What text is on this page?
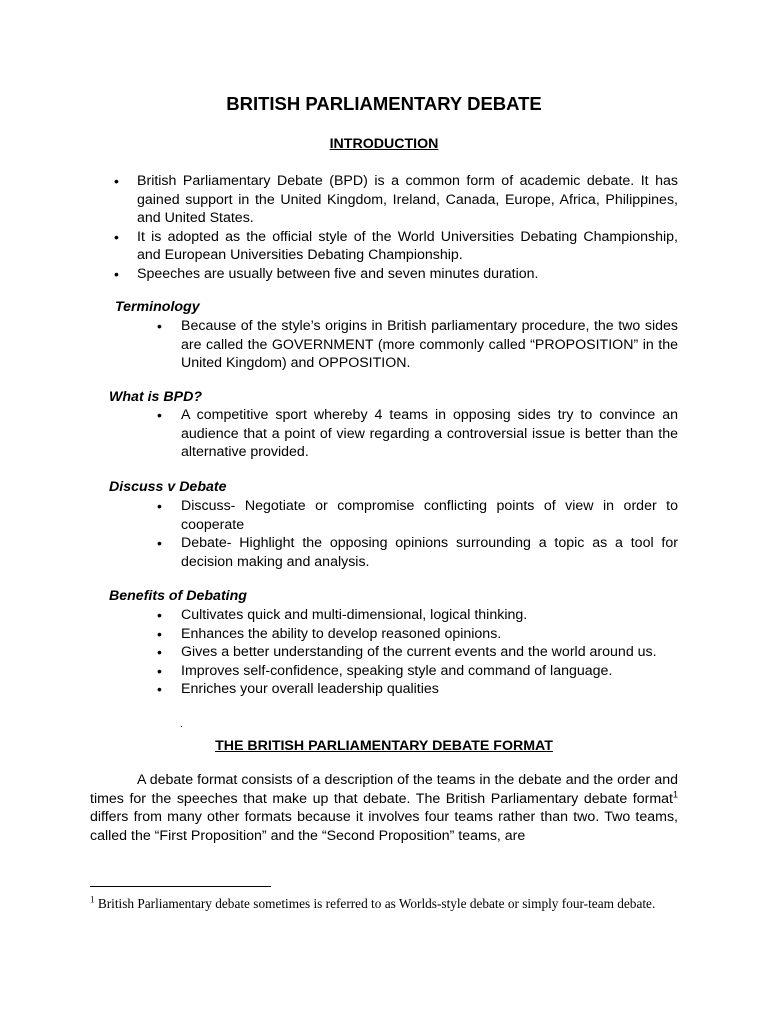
BRITISH PARLIAMENTARY DEBATE
INTRODUCTION
• British Parliamentary Debate (BPD) is a common form of academic debate. It has gained support in the United Kingdom, Ireland, Canada, Europe, Africa, Philippines, and United States.
• It is adopted as the official style of the World Universities Debating Championship, and European Universities Debating Championship.
• Speeches are usually between five and seven minutes duration.
Terminology
• Because of the style’s origins in British parliamentary procedure, the two sides are called the GOVERNMENT (more commonly called “PROPOSITION” in the United Kingdom) and OPPOSITION.
What is BPD?
• A competitive sport whereby 4 teams in opposing sides try to convince an audience that a point of view regarding a controversial issue is better than the alternative provided.
Discuss v Debate
• Discuss- Negotiate or compromise conflicting points of view in order to cooperate
• Debate- Highlight the opposing opinions surrounding a topic as a tool for decision making and analysis.
Benefits of Debating
• Cultivates quick and multi-dimensional, logical thinking.
• Enhances the ability to develop reasoned opinions.
• Gives a better understanding of the current events and the world around us.
• Improves self-confidence, speaking style and command of language.
• Enriches your overall leadership qualities
.
THE BRITISH PARLIAMENTARY DEBATE FORMAT
A debate format consists of a description of the teams in the debate and the order and times for the speeches that make up that debate. The British Parliamentary debate format$^1$ differs from many other formats because it involves four teams rather than two. Two teams, called the “First Proposition” and the “Second Proposition” teams, are
$^1$ British Parliamentary debate sometimes is referred to as Worlds-style debate or simply four-team debate.
